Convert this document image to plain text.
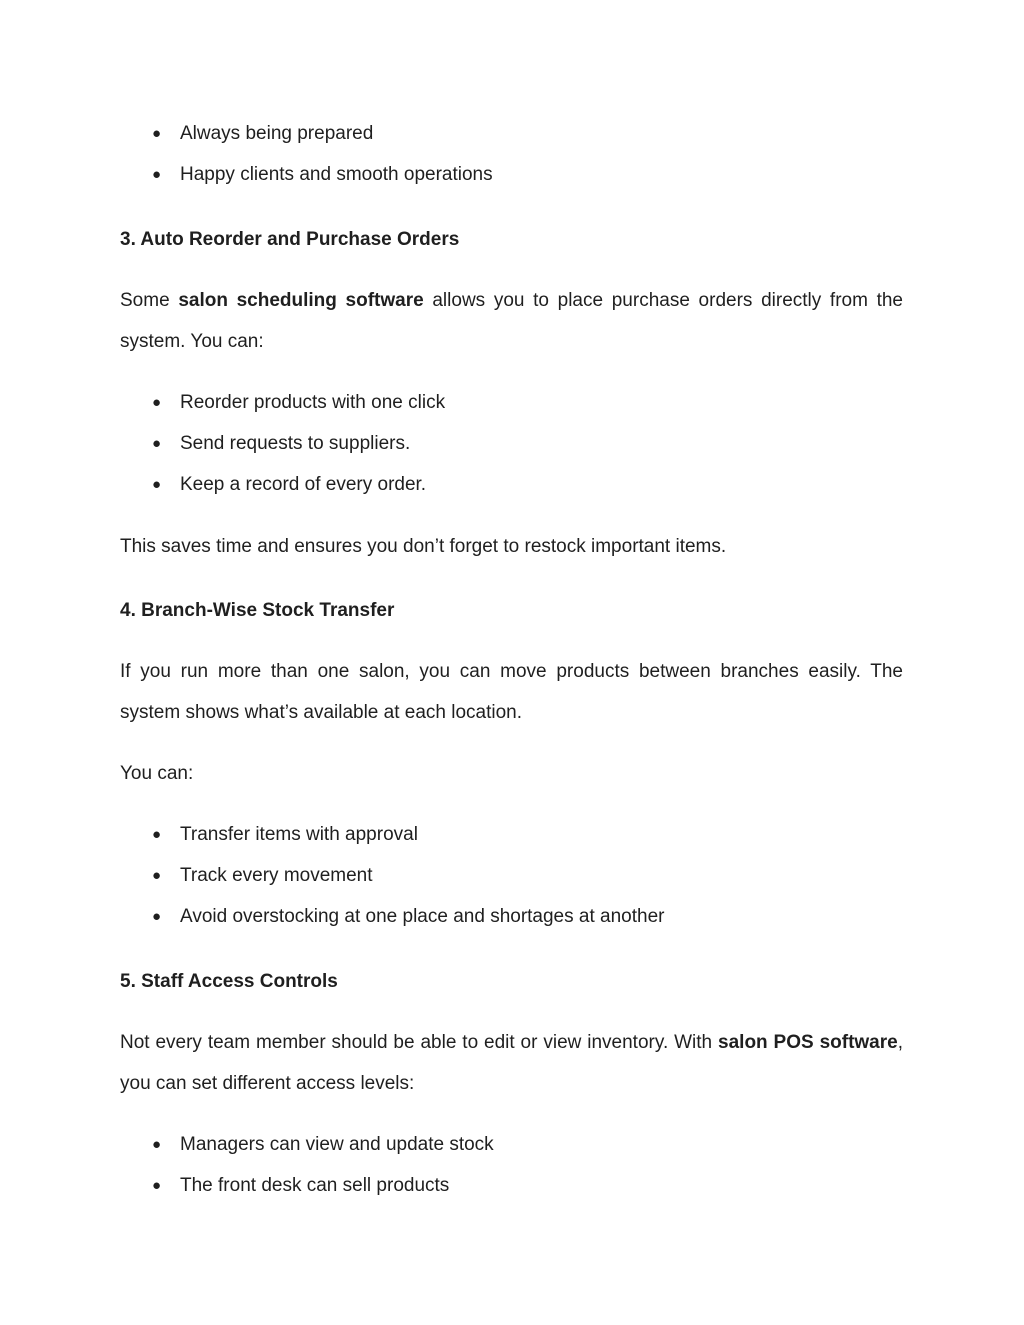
● Always being prepared
● Happy clients and smooth operations
3. Auto Reorder and Purchase Orders

Some salon scheduling software allows you to place purchase orders directly from the system. You can:

● Reorder products with one click
● Send requests to suppliers.
● Keep a record of every order.

This saves time and ensures you don’t forget to restock important items.

4. Branch-Wise Stock Transfer

If you run more than one salon, you can move products between branches easily. The system shows what’s available at each location.

You can:

● Transfer items with approval
● Track every movement
● Avoid overstocking at one place and shortages at another
5. Staff Access Controls

Not every team member should be able to edit or view inventory. With salon POS software, you can set different access levels:

● Managers can view and update stock
● The front desk can sell products
